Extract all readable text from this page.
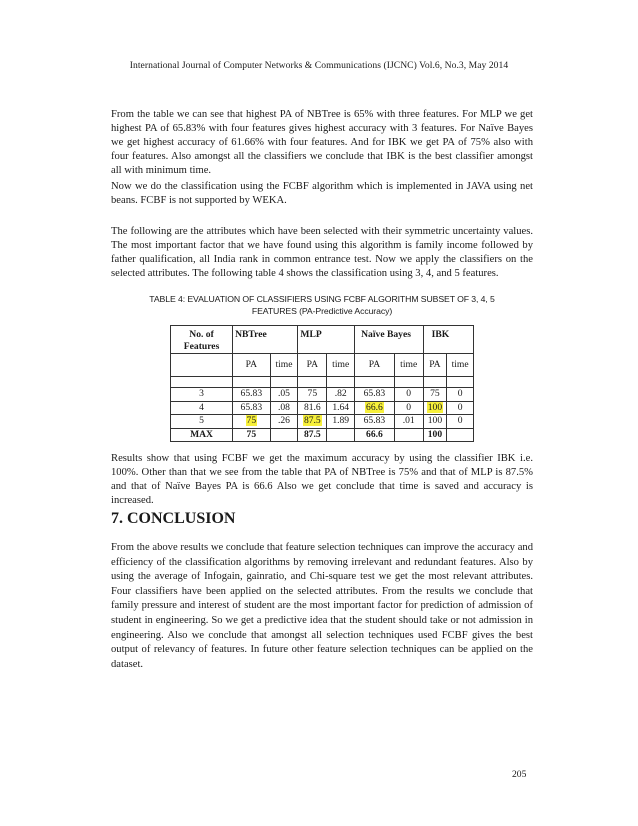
International Journal of Computer Networks & Communications (IJCNC) Vol.6, No.3, May 2014

From the table we can see that highest PA of NBTree is 65% with three features. For MLP we get highest PA of 65.83% with four features gives highest accuracy with 3 features. For Naïve Bayes we get highest accuracy of 61.66% with four features. And for IBK we get PA of 75% also with four features. Also amongst all the classifiers we conclude that IBK is the best classifier amongst all with minimum time.

Now we do the classification using the FCBF algorithm which is implemented in JAVA using net beans. FCBF is not supported by WEKA.

The following are the attributes which have been selected with their symmetric uncertainty values. The most important factor that we have found using this algorithm is family income followed by father qualification, all India rank in common entrance test. Now we apply the classifiers on the selected attributes. The following table 4 shows the classification using 3, 4, and 5 features.

TABLE 4: EVALUATION OF CLASSIFIERS USING FCBF ALGORITHM SUBSET OF 3, 4, 5
FEATURES (PA-Predictive Accuracy)
No. of Features	NBTree		MLP		Naïve Bayes		IBK	
	PA	time	PA	time	PA	time	PA	time

3	65.83	.05	75	.82	65.83	0	75	0
4	65.83	.08	81.6	1.64	66.6	0	100	0
5	75	.26	87.5	1.89	65.83	.01	100	0
MAX	75		87.5		66.6		100	

Results show that using FCBF we get the maximum accuracy by using the classifier IBK i.e. 100%. Other than that we see from the table that PA of NBTree is 75% and that of MLP is 87.5% and that of Naïve Bayes PA is 66.6 Also we get conclude that time is saved and accuracy is increased.

7. CONCLUSION

From the above results we conclude that feature selection techniques can improve the accuracy and efficiency of the classification algorithms by removing irrelevant and redundant features. Also by using the average of Infogain, gainratio, and Chi-square test we get the most relevant attributes. Four classifiers have been applied on the selected attributes. From the results we conclude that family pressure and interest of student are the most important factor for prediction of admission of student in engineering. So we get a predictive idea that the student should take or not admission in engineering. Also we conclude that amongst all selection techniques used FCBF gives the best output of relevancy of features. In future other feature selection techniques can be applied on the dataset.

205
